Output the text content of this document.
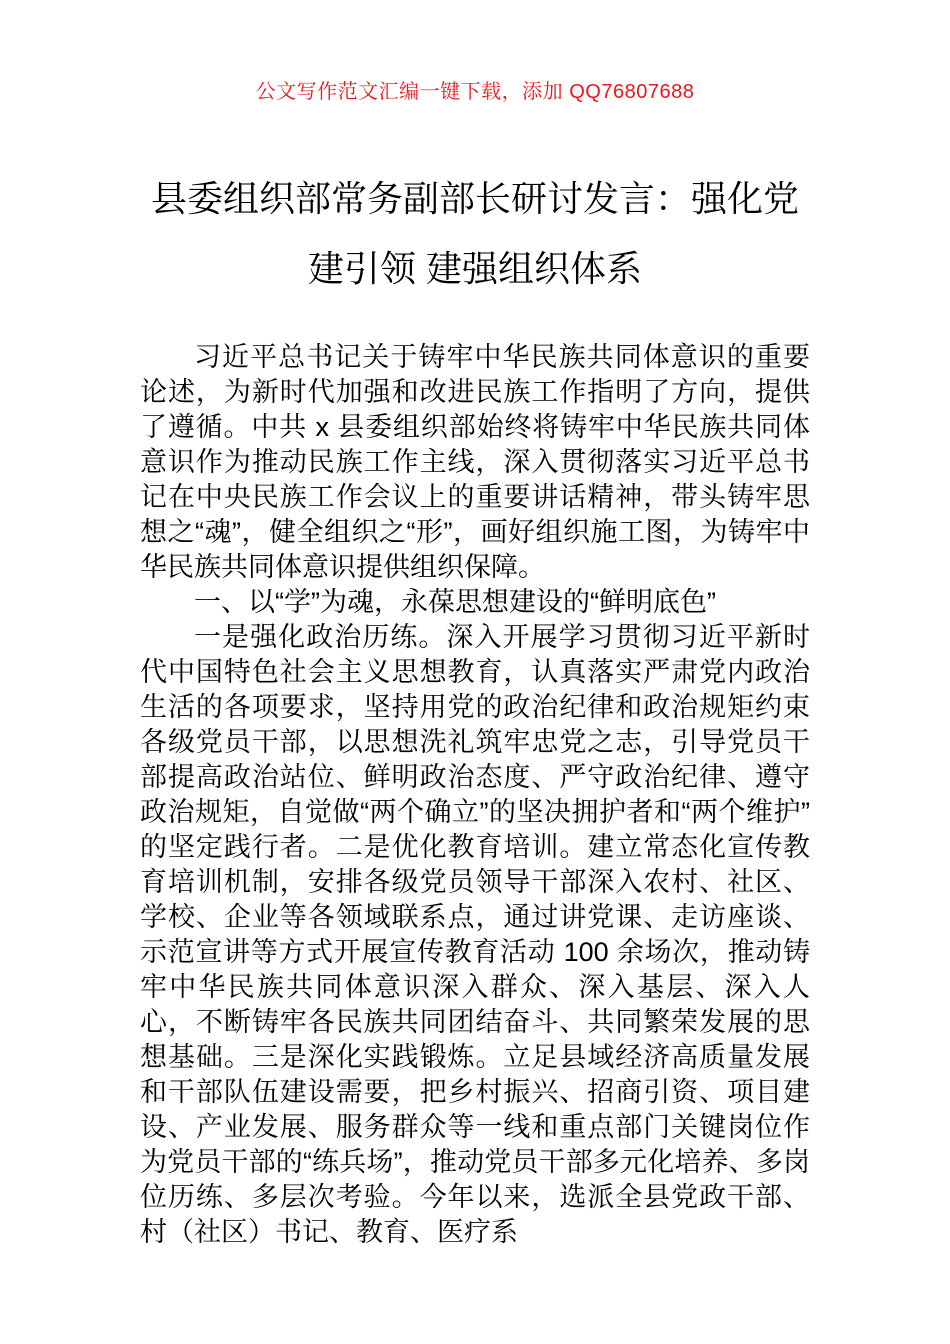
公文写作范文汇编一键下载，添加 QQ76807688
县委组织部常务副部长研讨发言：强化党建引领 建强组织体系

习近平总书记关于铸牢中华民族共同体意识的重要论述，为新时代加强和改进民族工作指明了方向，提供了遵循。中共 x 县委组织部始终将铸牢中华民族共同体意识作为推动民族工作主线，深入贯彻落实习近平总书记在中央民族工作会议上的重要讲话精神，带头铸牢思想之“魂”，健全组织之“形”，画好组织施工图，为铸牢中华民族共同体意识提供组织保障。

一、以“学”为魂，永葆思想建设的“鲜明底色”

一是强化政治历练。深入开展学习贯彻习近平新时代中国特色社会主义思想教育，认真落实严肃党内政治生活的各项要求，坚持用党的政治纪律和政治规矩约束各级党员干部，以思想洗礼筑牢忠党之志，引导党员干部提高政治站位、鲜明政治态度、严守政治纪律、遵守政治规矩，自觉做“两个确立”的坚决拥护者和“两个维护”的坚定践行者。二是优化教育培训。建立常态化宣传教育培训机制，安排各级党员领导干部深入农村、社区、学校、企业等各领域联系点，通过讲党课、走访座谈、示范宣讲等方式开展宣传教育活动 100 余场次，推动铸牢中华民族共同体意识深入群众、深入基层、深入人心，不断铸牢各民族共同团结奋斗、共同繁荣发展的思想基础。三是深化实践锻炼。立足县域经济高质量发展和干部队伍建设需要，把乡村振兴、招商引资、项目建设、产业发展、服务群众等一线和重点部门关键岗位作为党员干部的“练兵场”，推动党员干部多元化培养、多岗位历练、多层次考验。今年以来，选派全县党政干部、村（社区）书记、教育、医疗系
